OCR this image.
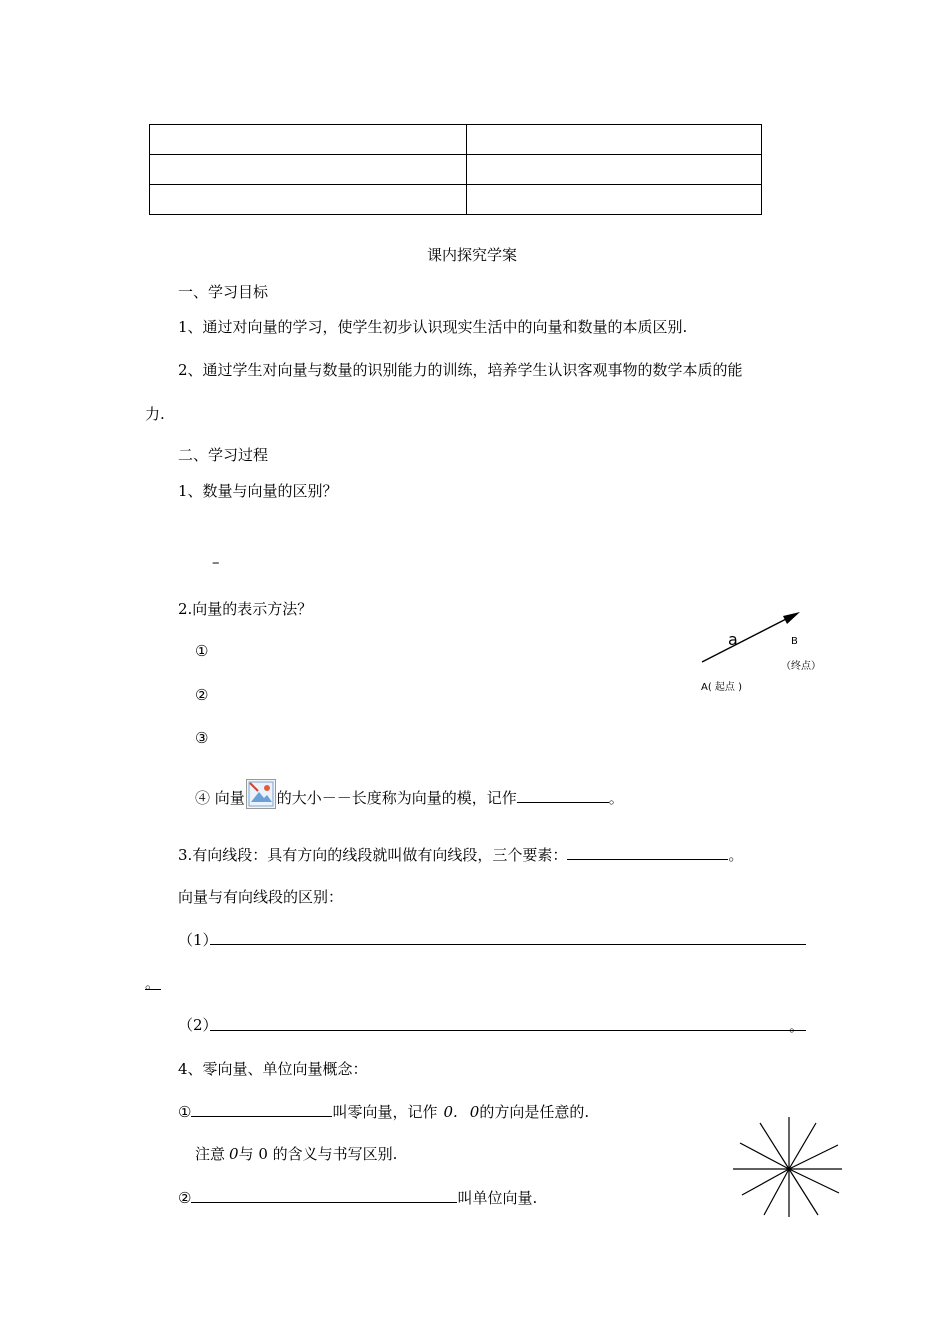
课内探究学案
一、学习目标
1、通过对向量的学习，使学生初步认识现实生活中的向量和数量的本质区别.
2、通过学生对向量与数量的识别能力的训练，培养学生认识客观事物的数学本质的能
力.
二、学习过程
1、数量与向量的区别？
–
2.向量的表示方法？
①
②
③
④ 向量 的大小－－长度称为向量的模，记作	。
3.有向线段：具有方向的线段就叫做有向线段，三个要素：	。
向量与有向线段的区别：
（1）
。
（2）	。
4、零向量、单位向量概念：
①	叫零向量，记作 0. 0的方向是任意的.
注意 0与 0 的含义与书写区别.
②	叫单位向量.
a	B
（终点）
A( 起点 )
